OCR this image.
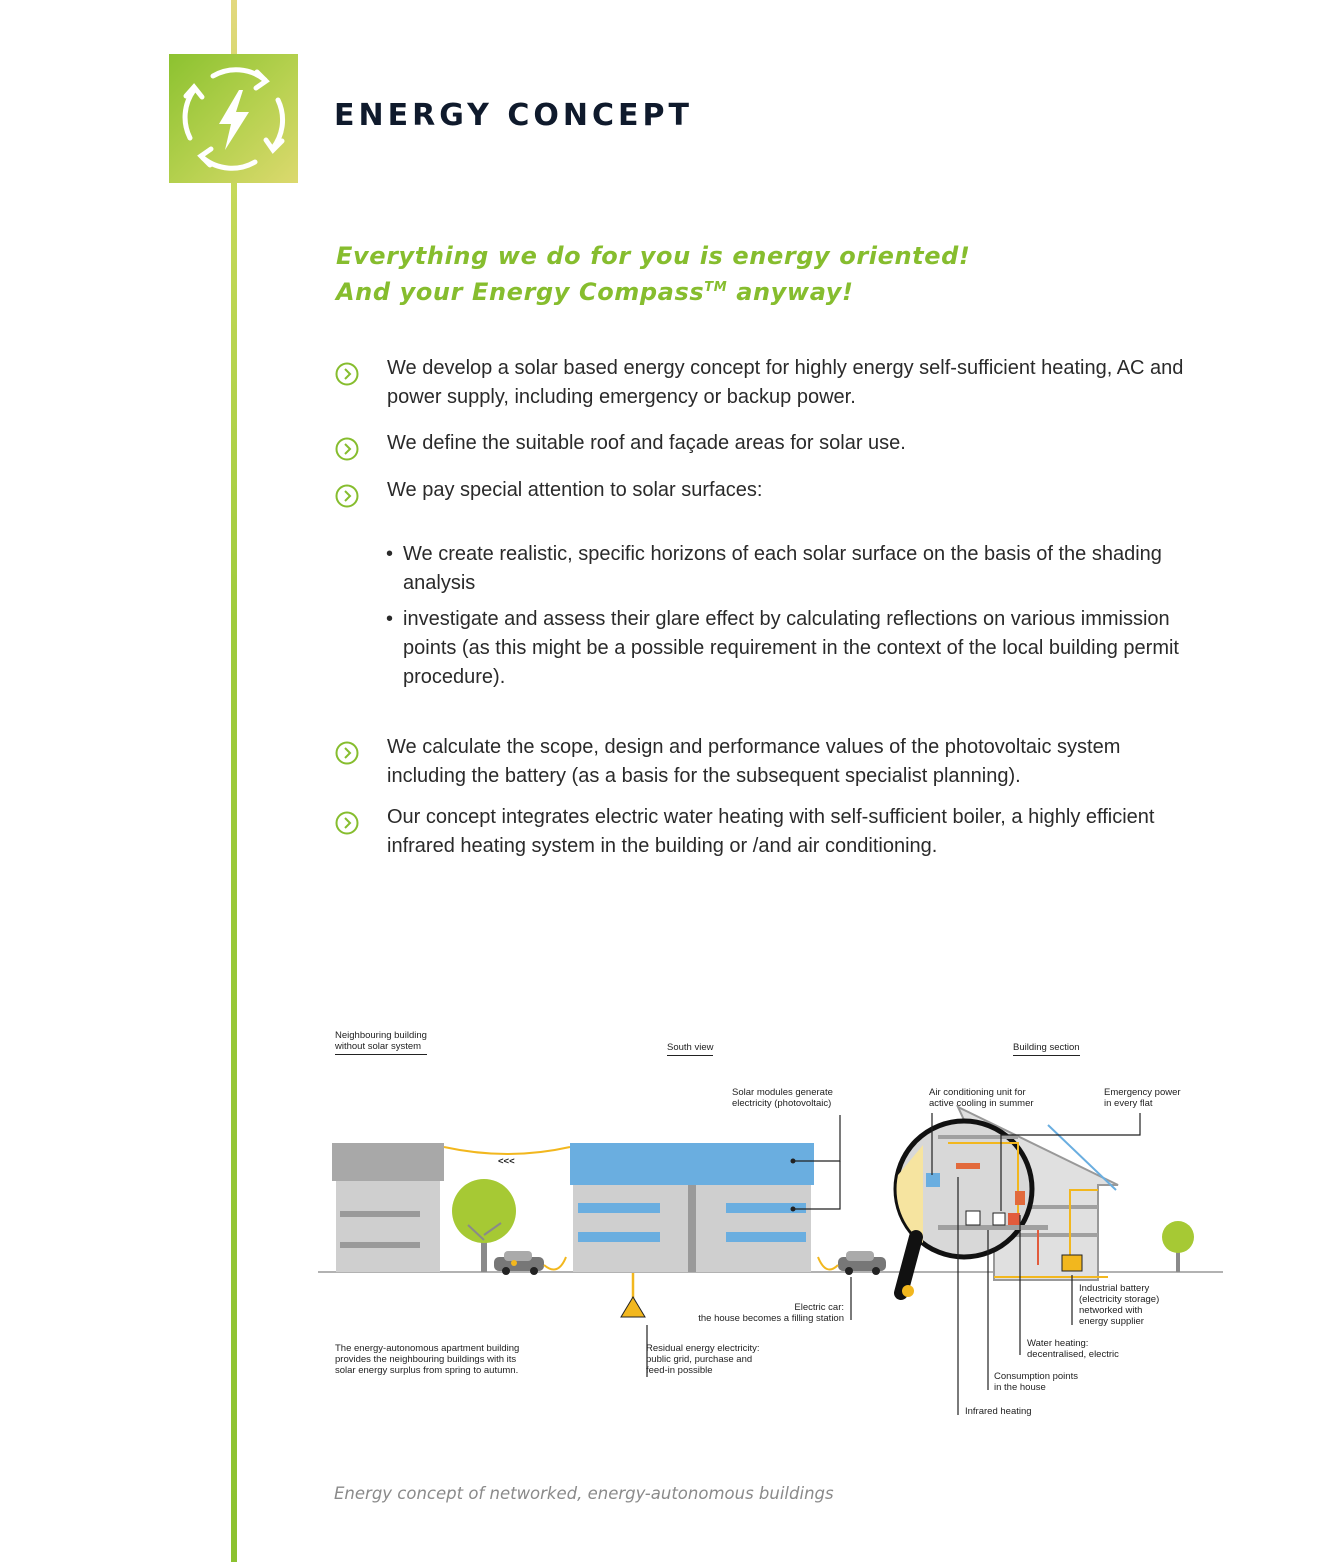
ENERGY CONCEPT
Everything we do for you is energy oriented!
And your Energy Compass™ anyway!
We develop a solar based energy concept for highly energy self-sufficient heating, AC and power supply, including emergency or backup power.
We define the suitable roof and façade areas for solar use.
We pay special attention to solar surfaces:
• We create realistic, specific horizons of each solar surface on the basis of the shading analysis
• investigate and assess their glare effect by calculating reflections on various immission points (as this might be a possible requirement in the context of the local building permit procedure).
We calculate the scope, design and performance values of the photovoltaic system including the battery (as a basis for the subsequent specialist planning).
Our concept integrates electric water heating with self-sufficient boiler, a highly efficient infrared heating system in the building or /and air conditioning.
Neighbouring building
without solar system	South view	Building section
Solar modules generate
electricity (photovoltaic)
Air conditioning unit for
active cooling in summer
Emergency power
in every flat
<<<
Electric car:
the house becomes a filling station
The energy-autonomous apartment building
provides the neighbouring buildings with its
solar energy surplus from spring to autumn.
Residual energy electricity:
public grid, purchase and
feed-in possible
Industrial battery
(electricity storage)
networked with
energy supplier
Water heating:
decentralised, electric
Consumption points
in the house
Infrared heating
Energy concept of networked, energy-autonomous buildings
